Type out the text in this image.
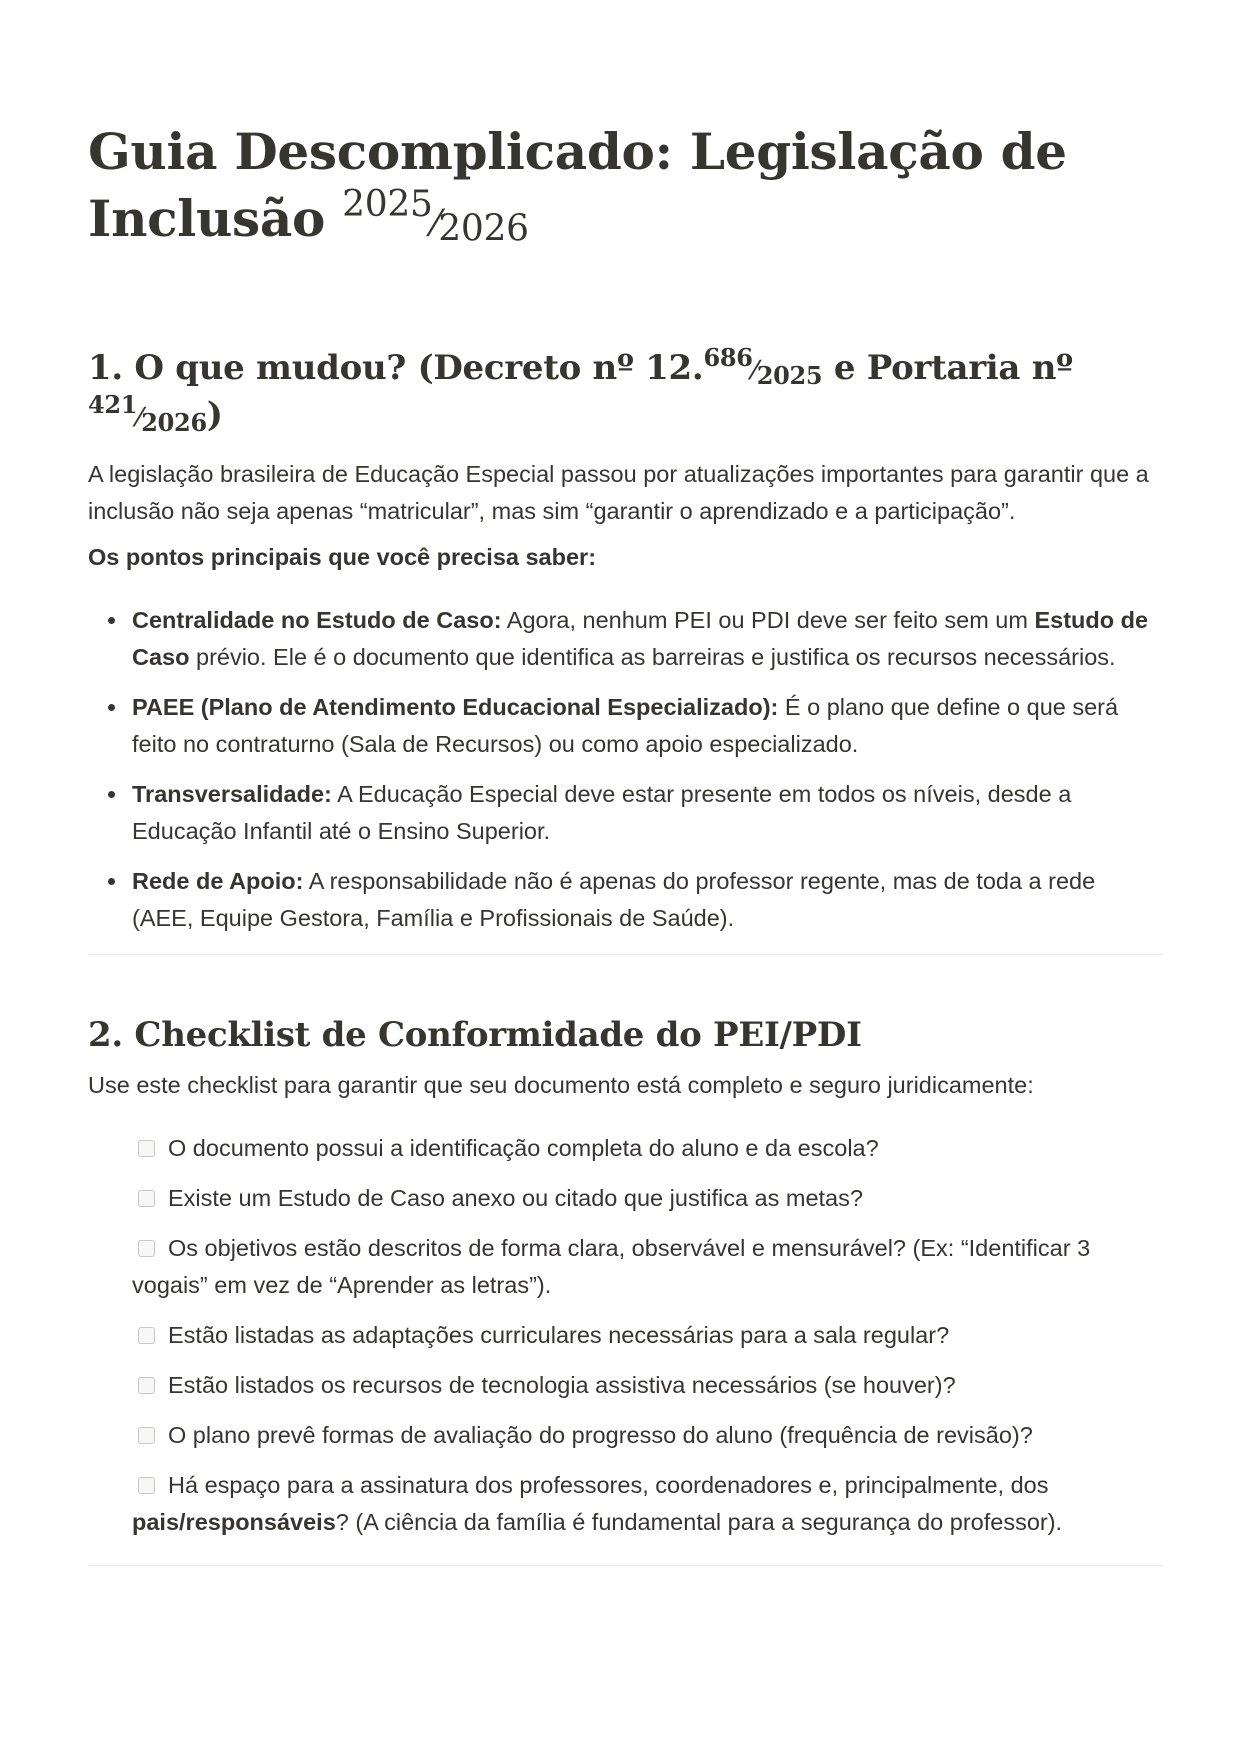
Guia Descomplicado: Legislação de Inclusão $^{2025}⁄_{2026}$
1. O que mudou? (Decreto nº $12.^{686}⁄_{2025}$ e Portaria nº $^{421}⁄_{2026}$)

A legislação brasileira de Educação Especial passou por atualizações importantes para garantir que a inclusão não seja apenas “matricular”, mas sim “garantir o aprendizado e a participação”.

Os pontos principais que você precisa saber:

Centralidade no Estudo de Caso: Agora, nenhum PEI ou PDI deve ser feito sem um Estudo de Caso prévio. Ele é o documento que identifica as barreiras e justifica os recursos necessários.
PAEE (Plano de Atendimento Educacional Especializado): É o plano que define o que será feito no contraturno (Sala de Recursos) ou como apoio especializado.
Transversalidade: A Educação Especial deve estar presente em todos os níveis, desde a Educação Infantil até o Ensino Superior.
Rede de Apoio: A responsabilidade não é apenas do professor regente, mas de toda a rede (AEE, Equipe Gestora, Família e Profissionais de Saúde).
2. Checklist de Conformidade do PEI/PDI

Use este checklist para garantir que seu documento está completo e seguro juridicamente:

O documento possui a identificação completa do aluno e da escola?
Existe um Estudo de Caso anexo ou citado que justifica as metas?
Os objetivos estão descritos de forma clara, observável e mensurável? (Ex: “Identificar 3 vogais” em vez de “Aprender as letras”).
Estão listadas as adaptações curriculares necessárias para a sala regular?
Estão listados os recursos de tecnologia assistiva necessários (se houver)?
O plano prevê formas de avaliação do progresso do aluno (frequência de revisão)?
Há espaço para a assinatura dos professores, coordenadores e, principalmente, dos pais/responsáveis? (A ciência da família é fundamental para a segurança do professor).
